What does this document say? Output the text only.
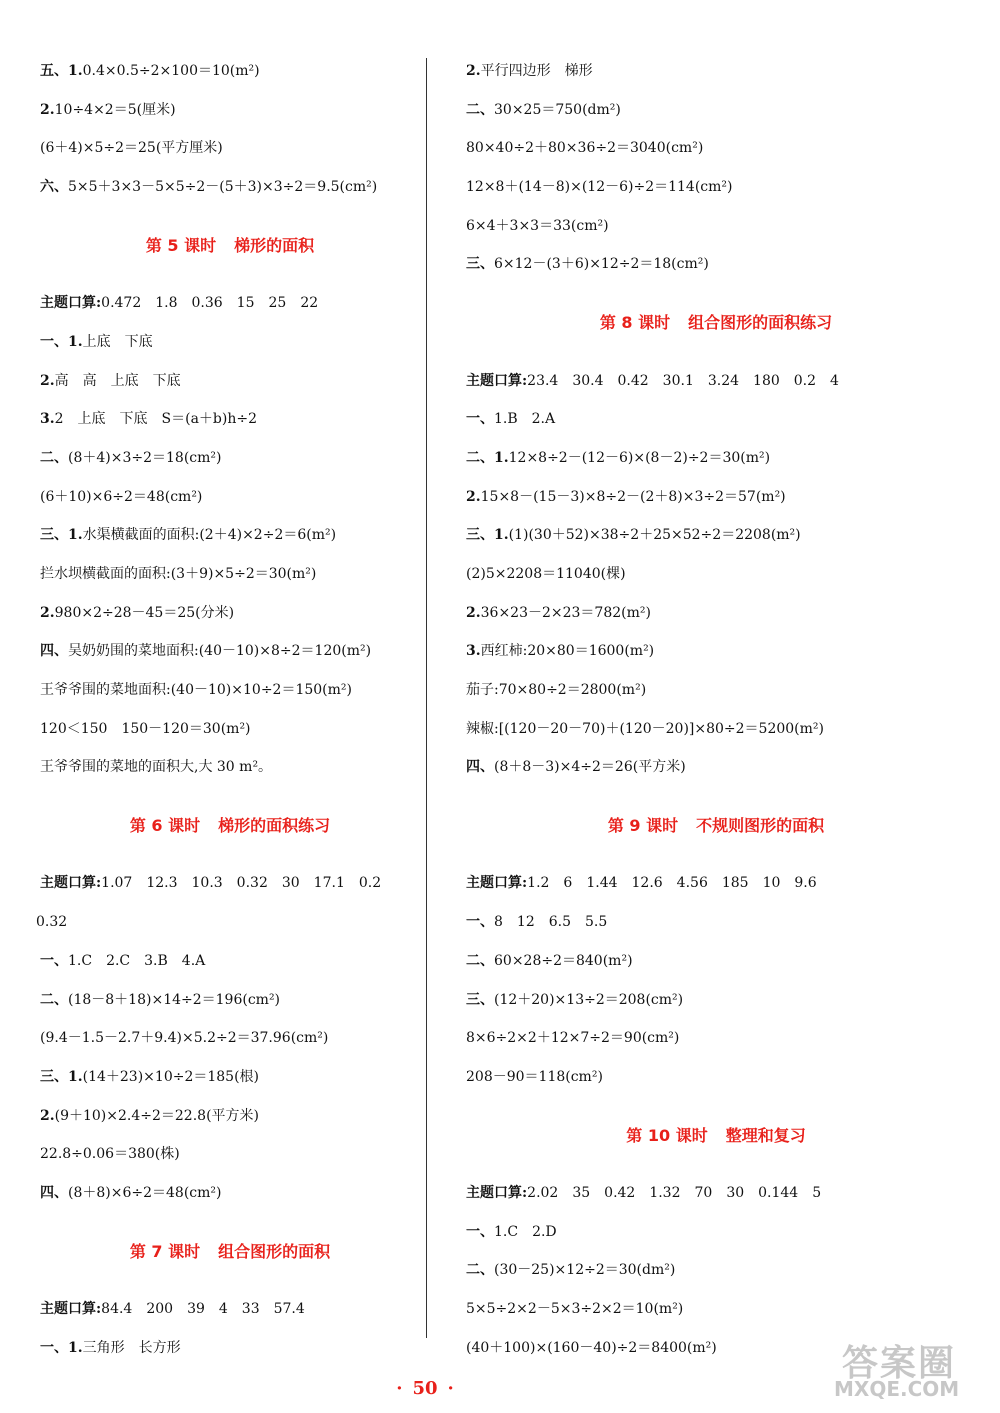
五、1.0.4×0.5÷2×100＝10(m²)
2.10÷4×2＝5(厘米)
(6＋4)×5÷2＝25(平方厘米)
六、5×5＋3×3－5×5÷2－(5＋3)×3÷2＝9.5(cm²)
第 5 课时 梯形的面积
主题口算:0.472　1.8　0.36　15　25　22
一、1.上底　下底
2.高　高　上底　下底
3.2　上底　下底　S＝(a＋b)h÷2
二、(8＋4)×3÷2＝18(cm²)
(6＋10)×6÷2＝48(cm²)
三、1.水渠横截面的面积:(2＋4)×2÷2＝6(m²)
拦水坝横截面的面积:(3＋9)×5÷2＝30(m²)
2.980×2÷28－45＝25(分米)
四、吴奶奶围的菜地面积:(40－10)×8÷2＝120(m²)
王爷爷围的菜地面积:(40－10)×10÷2＝150(m²)
120＜150　150－120＝30(m²)
王爷爷围的菜地的面积大,大 30 m²。
第 6 课时 梯形的面积练习
主题口算:1.07　12.3　10.3　0.32　30　17.1　0.2
0.32
一、1.C　2.C　3.B　4.A
二、(18－8＋18)×14÷2＝196(cm²)
(9.4－1.5－2.7＋9.4)×5.2÷2＝37.96(cm²)
三、1.(14＋23)×10÷2＝185(根)
2.(9＋10)×2.4÷2＝22.8(平方米)
22.8÷0.06＝380(株)
四、(8＋8)×6÷2＝48(cm²)
第 7 课时 组合图形的面积
主题口算:84.4　200　39　4　33　57.4
一、1.三角形　长方形
2.平行四边形　梯形
二、30×25＝750(dm²)
80×40÷2＋80×36÷2＝3040(cm²)
12×8＋(14－8)×(12－6)÷2＝114(cm²)
6×4＋3×3＝33(cm²)
三、6×12－(3＋6)×12÷2＝18(cm²)
第 8 课时 组合图形的面积练习
主题口算:23.4　30.4　0.42　30.1　3.24　180　0.2　4
一、1.B　2.A
二、1.12×8÷2－(12－6)×(8－2)÷2＝30(m²)
2.15×8－(15－3)×8÷2－(2＋8)×3÷2＝57(m²)
三、1.(1)(30＋52)×38÷2＋25×52÷2＝2208(m²)
(2)5×2208＝11040(棵)
2.36×23－2×23＝782(m²)
3.西红柿:20×80＝1600(m²)
茄子:70×80÷2＝2800(m²)
辣椒:[(120－20－70)＋(120－20)]×80÷2＝5200(m²)
四、(8＋8－3)×4÷2＝26(平方米)
第 9 课时 不规则图形的面积
主题口算:1.2　6　1.44　12.6　4.56　185　10　9.6
一、8　12　6.5　5.5
二、60×28÷2＝840(m²)
三、(12＋20)×13÷2＝208(cm²)
8×6÷2×2＋12×7÷2＝90(cm²)
208－90＝118(cm²)
第 10 课时 整理和复习
主题口算:2.02　35　0.42　1.32　70　30　0.144　5
一、1.C　2.D
二、(30－25)×12÷2＝30(dm²)
5×5÷2×2－5×3÷2×2＝10(m²)
(40＋100)×(160－40)÷2＝8400(m²)
· 50 ·
答案圈
MXQE.COM
